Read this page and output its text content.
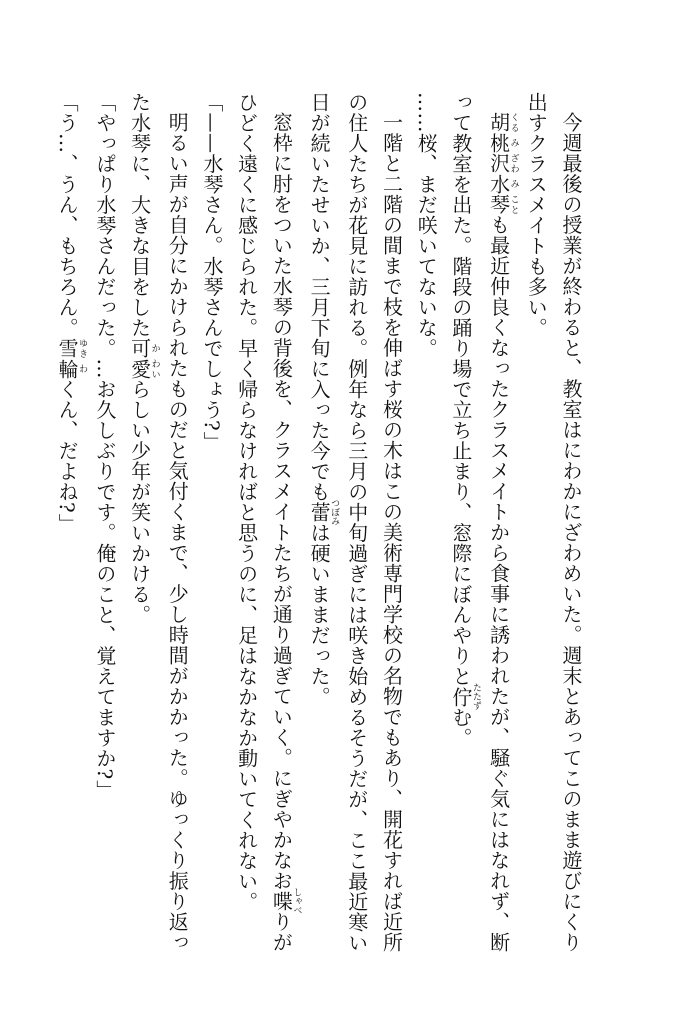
今週最後の授業が終わると、教室はにわかにざわめいた。週末とあってこのまま遊びにくり
出すクラスメイトも多い。
胡くる桃み沢ざわ水み琴ことも最近仲良くなったクラスメイトから食事に誘われたが、騒ぐ気にはなれず、断
って教室を出た。階段の踊り場で立ち止まり、窓際にぼんやりと佇たたずむ。
……桜、まだ咲いてないな。
一階と二階の間まで枝を伸ばす桜の木はこの美術専門学校の名物でもあり、開花すれば近所
の住人たちが花見に訪れる。例年なら三月の中旬過ぎには咲き始めるそうだが、ここ最近寒い
日が続いたせいか、三月下旬に入った今でも蕾つぼみは硬いままだった。
窓枠に肘をついた水琴の背後を、クラスメイトたちが通り過ぎていく。にぎやかなお喋しゃべりが
ひどく遠くに感じられた。早く帰らなければと思うのに、足はなかなか動いてくれない。
「——水琴さん。水琴さんでしょう?」
明るい声が自分にかけられたものだと気付くまで、少し時間がかかった。ゆっくり振り返っ
た水琴に、大きな目をした可か愛わいらしい少年が笑いかける。
「やっぱり水琴さんだった。…お久しぶりです。俺のこと、覚えてますか?」
「う…、うん、もちろん。雪ゆき輪わくん、だよね?」
